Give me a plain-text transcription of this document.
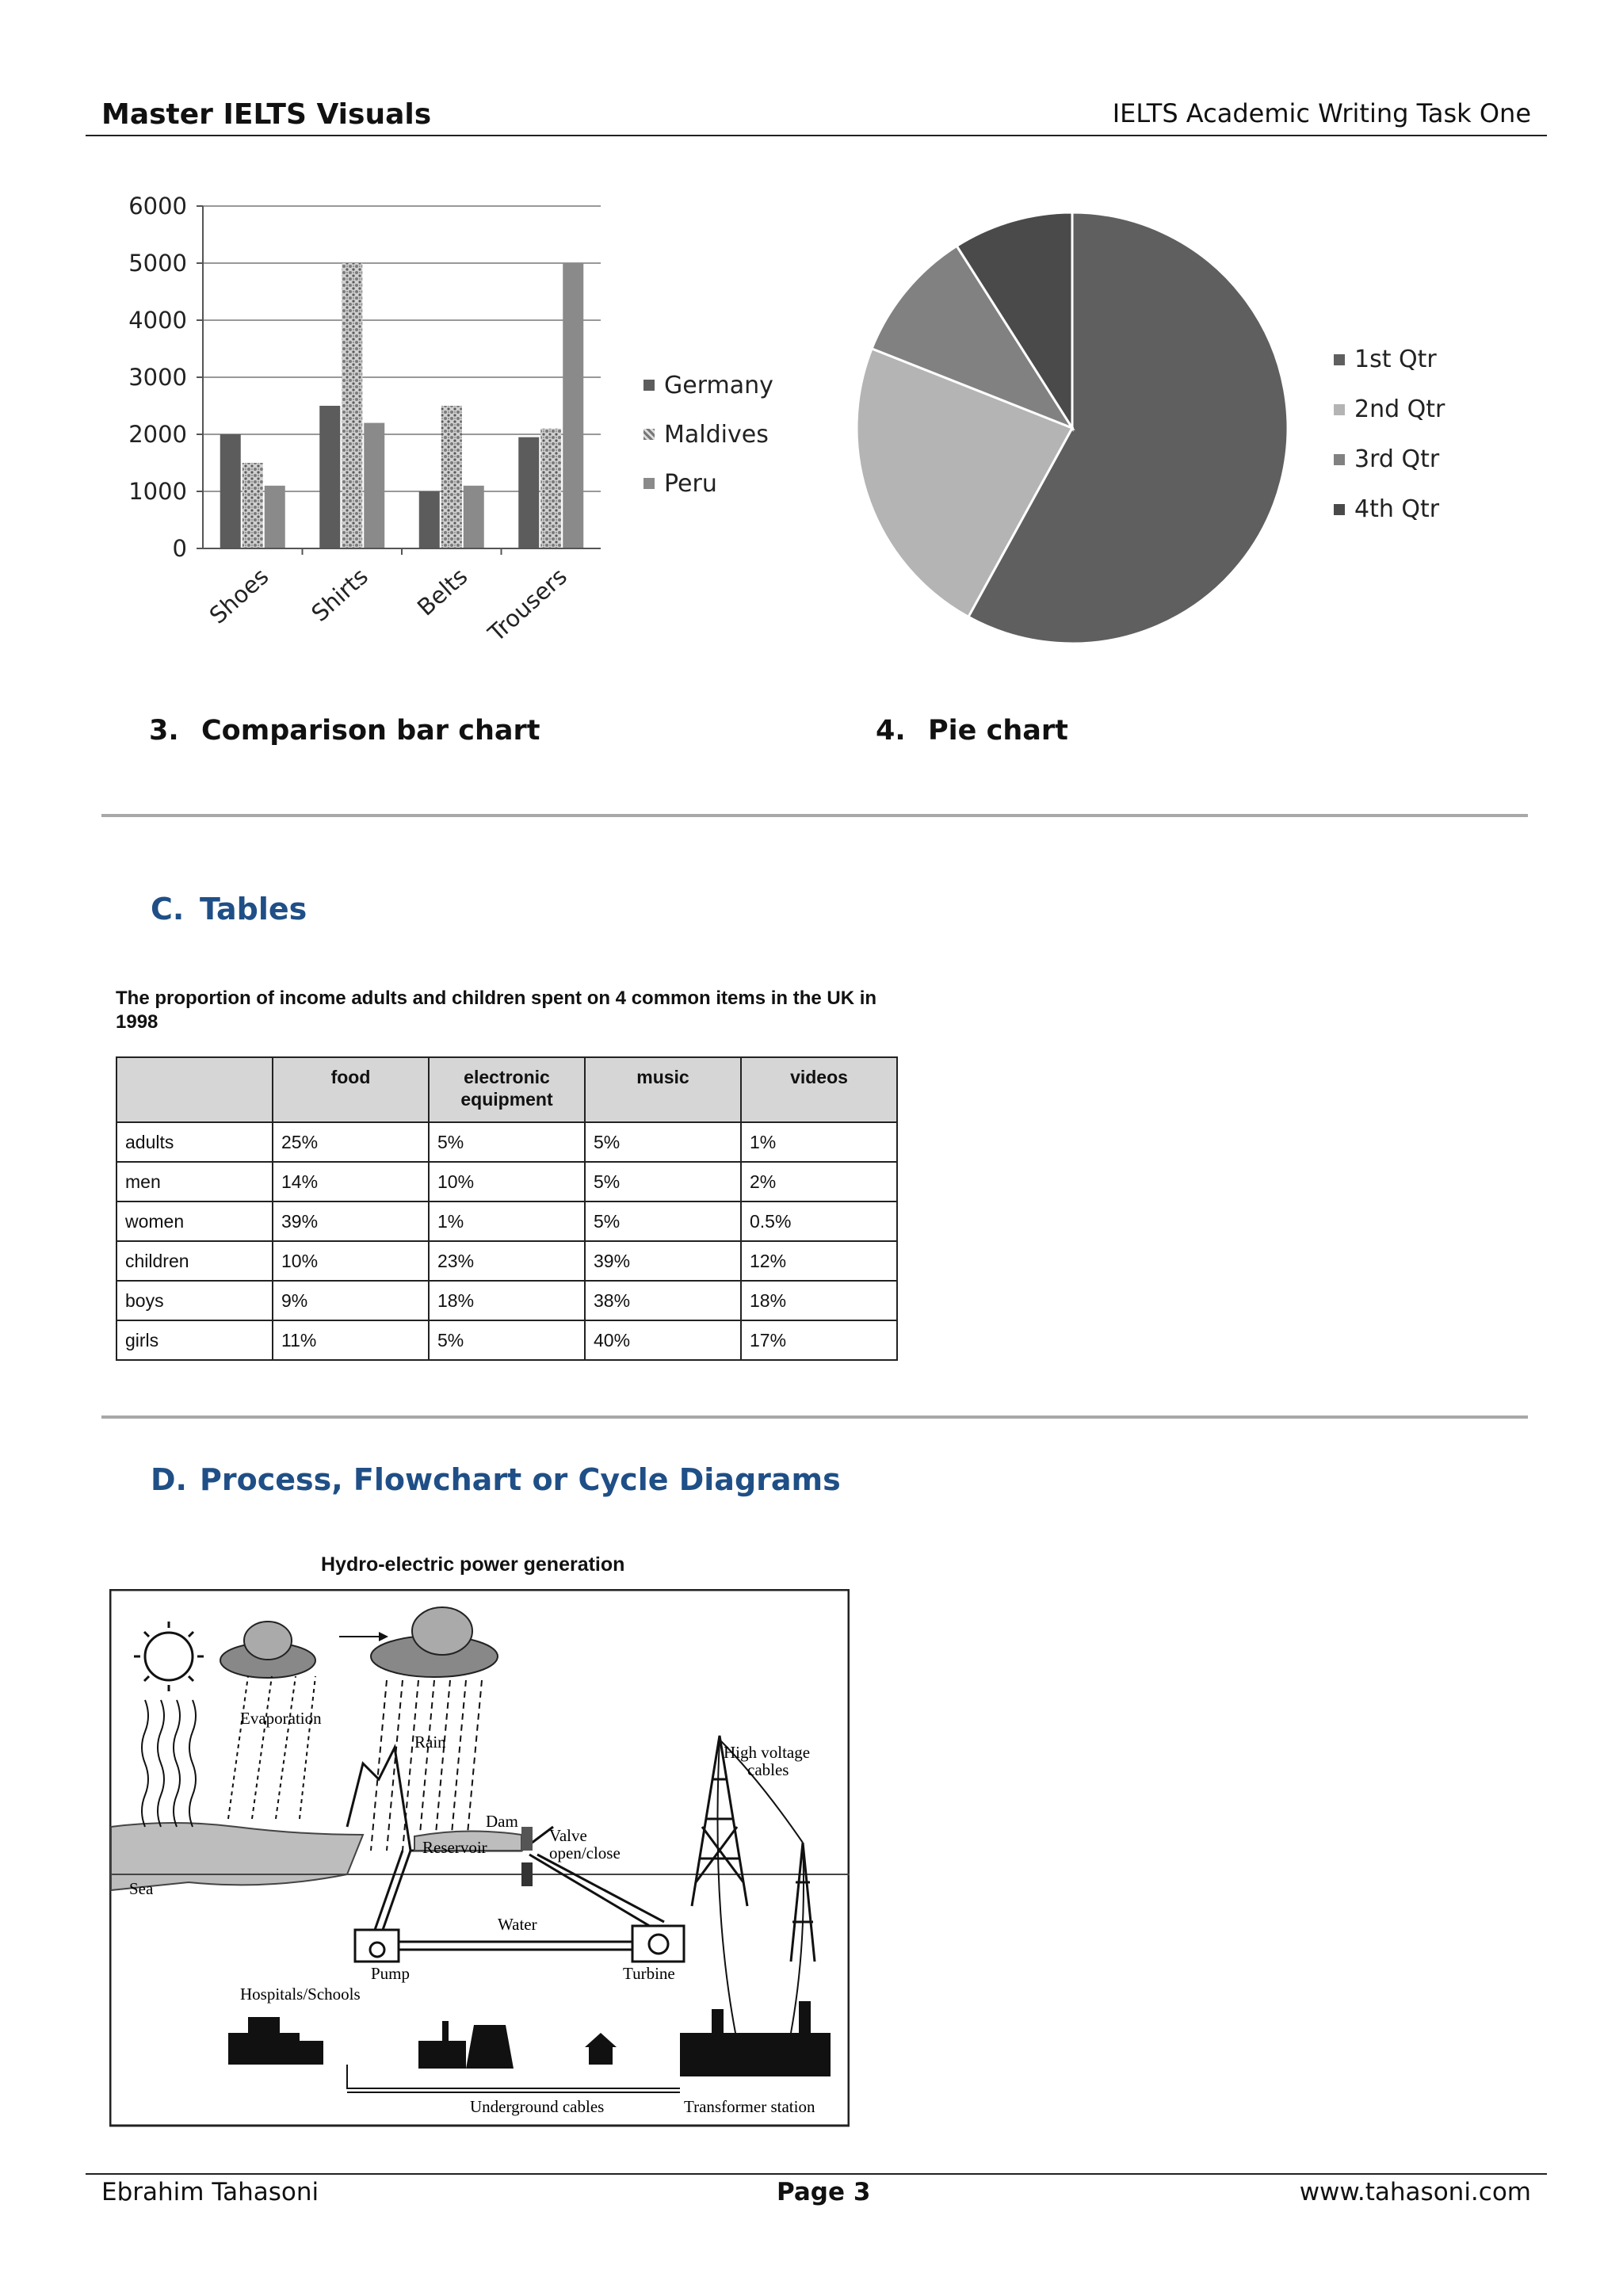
Master IELTS Visuals	IELTS Academic Writing Task One
0
1000
2000
3000
4000
5000
6000
Shoes Shirts Belts Trousers
Germany
Maldives
Peru
1st Qtr
2nd Qtr
3rd Qtr
4th Qtr
3. Comparison bar chart	4. Pie chart
C. Tables
The proportion of income adults and children spent on 4 common items in the UK in 1998
	food	electronic equipment	music	videos
adults	25%	5%	5%	1%
men	14%	10%	5%	2%
women	39%	1%	5%	0.5%
children	10%	23%	39%	12%
boys	9%	18%	38%	18%
girls	11%	5%	40%	17%
D. Process, Flowchart or Cycle Diagrams
Hydro-electric power generation
Evaporation
Rain
Sea
Dam
Reservoir
Valve
open/close
Water
Pump	Turbine
High voltage
cables
Hospitals/Schools
Underground cables	Transformer station
Ebrahim Tahasoni	Page 3	www.tahasoni.com
